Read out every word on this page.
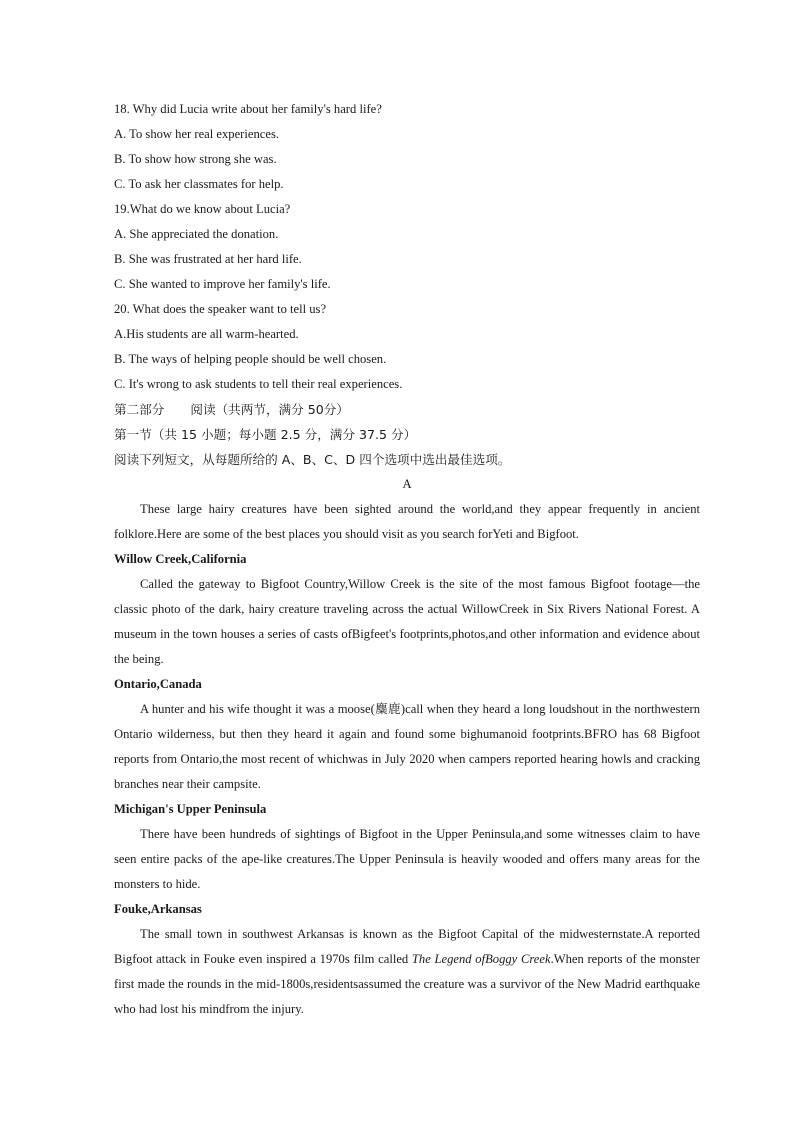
18. Why did Lucia write about her family's hard life?
A. To show her real experiences.
B. To show how strong she was.
C. To ask her classmates for help.
19.What do we know about Lucia?
A. She appreciated the donation.
B. She was frustrated at her hard life.
C. She wanted to improve her family's life.
20. What does the speaker want to tell us?
A.His students are all warm-hearted.
B. The ways of helping people should be well chosen.
C. It's wrong to ask students to tell their real experiences.
第二部分 阅读（共两节，满分 50分）
第一节（共 15 小题；每小题 2.5 分，满分 37.5 分）
阅读下列短文，从每题所给的 A、B、C、D 四个选项中选出最佳选项。
A

These large hairy creatures have been sighted around the world,and they appear frequently in ancient folklore.Here are some of the best places you should visit as you search forYeti and Bigfoot.

Willow Creek,California

Called the gateway to Bigfoot Country,Willow Creek is the site of the most famous Bigfoot footage—the classic photo of the dark, hairy creature traveling across the actual WillowCreek in Six Rivers National Forest. A museum in the town houses a series of casts ofBigfeet's footprints,photos,and other information and evidence about the being.

Ontario,Canada

A hunter and his wife thought it was a moose(麋鹿)call when they heard a long loudshout in the northwestern Ontario wilderness, but then they heard it again and found some bighumanoid footprints.BFRO has 68 Bigfoot reports from Ontario,the most recent of whichwas in July 2020 when campers reported hearing howls and cracking branches near their campsite.

Michigan's Upper Peninsula

There have been hundreds of sightings of Bigfoot in the Upper Peninsula,and some witnesses claim to have seen entire packs of the ape-like creatures.The Upper Peninsula is heavily wooded and offers many areas for the monsters to hide.

Fouke,Arkansas

The small town in southwest Arkansas is known as the Bigfoot Capital of the midwesternstate.A reported Bigfoot attack in Fouke even inspired a 1970s film called The Legend ofBoggy Creek.When reports of the monster first made the rounds in the mid-1800s,residentsassumed the creature was a survivor of the New Madrid earthquake who had lost his mindfrom the injury.
